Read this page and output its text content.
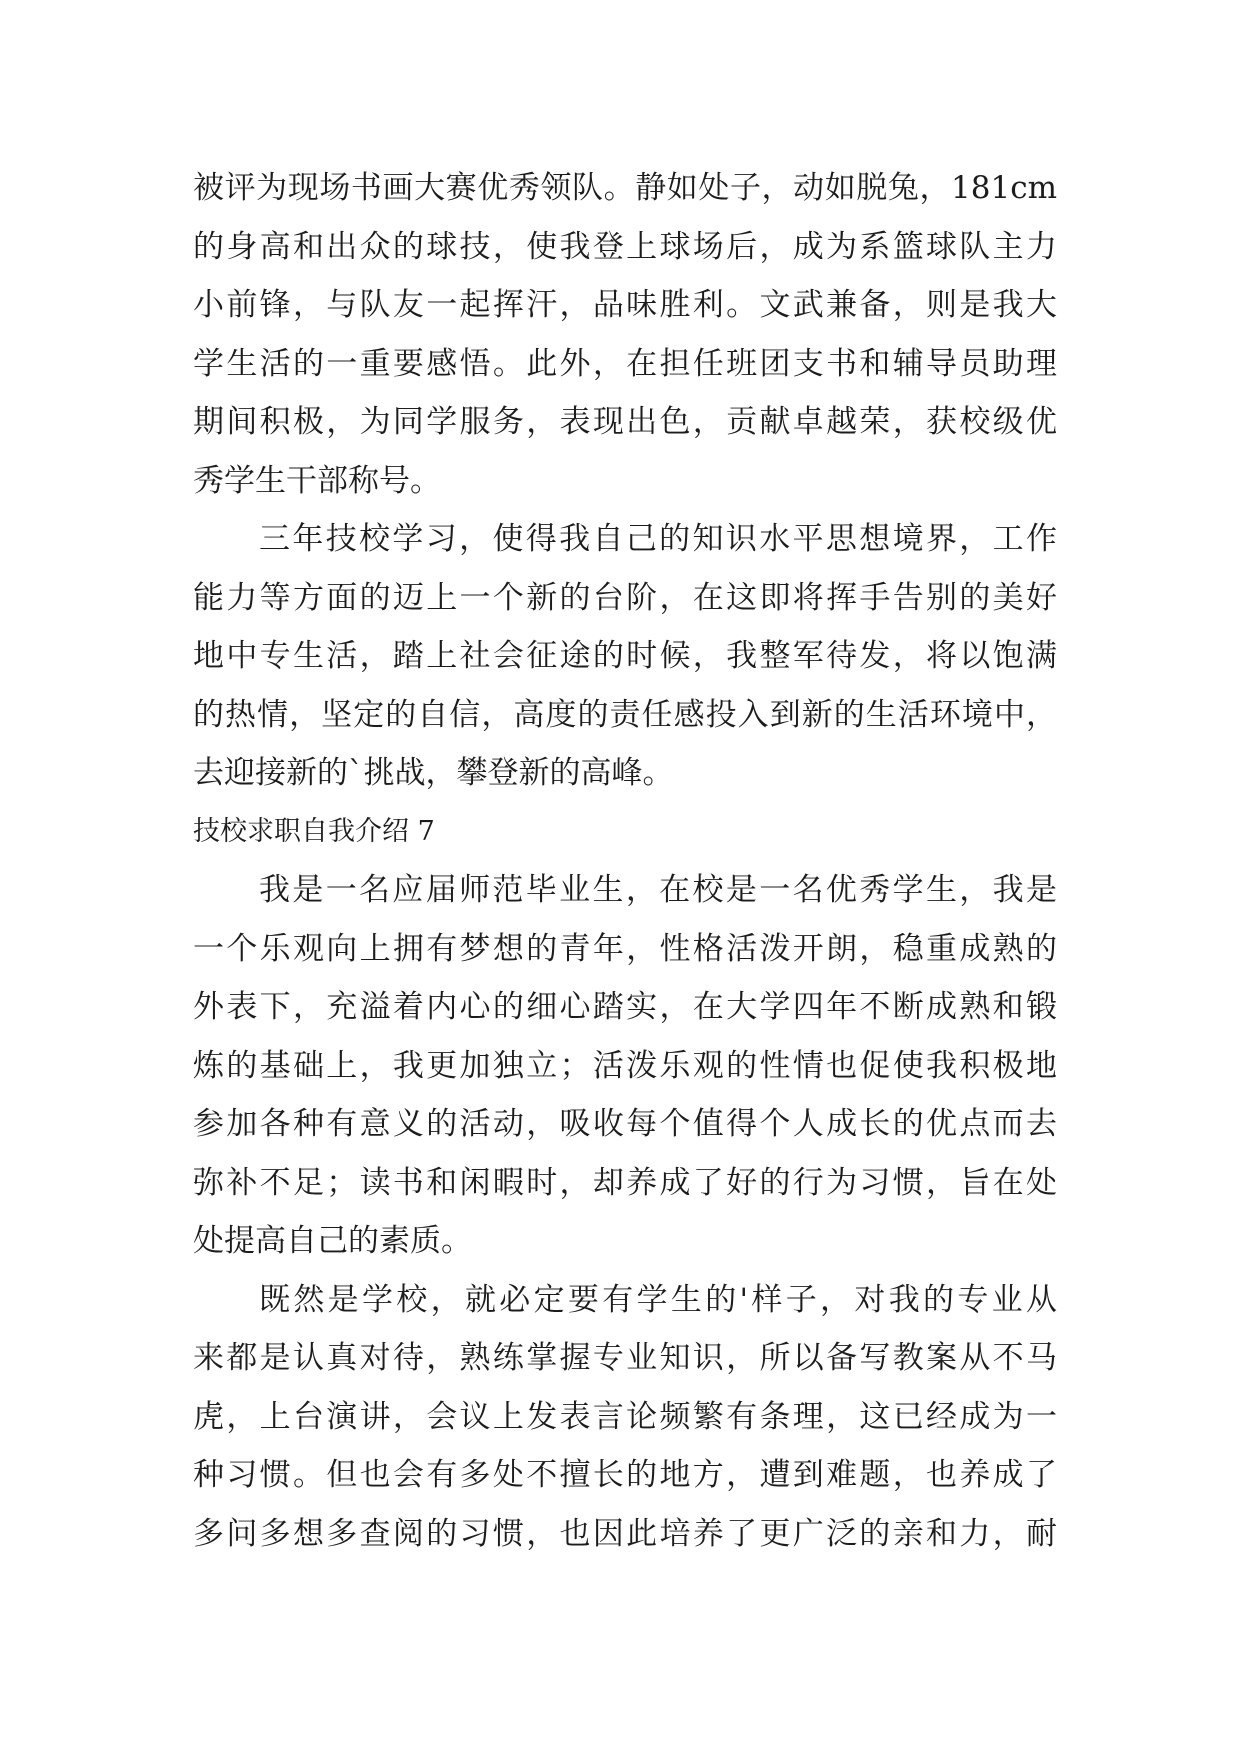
被评为现场书画大赛优秀领队。静如处子，动如脱兔，181cm
的身高和出众的球技，使我登上球场后，成为系篮球队主力
小前锋，与队友一起挥汗，品味胜利。文武兼备，则是我大
学生活的一重要感悟。此外，在担任班团支书和辅导员助理
期间积极，为同学服务，表现出色，贡献卓越荣，获校级优
秀学生干部称号。
三年技校学习，使得我自己的知识水平思想境界，工作
能力等方面的迈上一个新的台阶，在这即将挥手告别的美好
地中专生活，踏上社会征途的时候，我整军待发，将以饱满
的热情，坚定的自信，高度的责任感投入到新的生活环境中，
去迎接新的`挑战，攀登新的高峰。
技校求职自我介绍 7
我是一名应届师范毕业生，在校是一名优秀学生，我是
一个乐观向上拥有梦想的青年，性格活泼开朗，稳重成熟的
外表下，充溢着内心的细心踏实，在大学四年不断成熟和锻
炼的基础上，我更加独立；活泼乐观的性情也促使我积极地
参加各种有意义的活动，吸收每个值得个人成长的优点而去
弥补不足；读书和闲暇时，却养成了好的行为习惯，旨在处
处提高自己的素质。
既然是学校，就必定要有学生的'样子，对我的专业从
来都是认真对待，熟练掌握专业知识，所以备写教案从不马
虎，上台演讲，会议上发表言论频繁有条理，这已经成为一
种习惯。但也会有多处不擅长的地方，遭到难题，也养成了
多问多想多查阅的习惯，也因此培养了更广泛的亲和力，耐
